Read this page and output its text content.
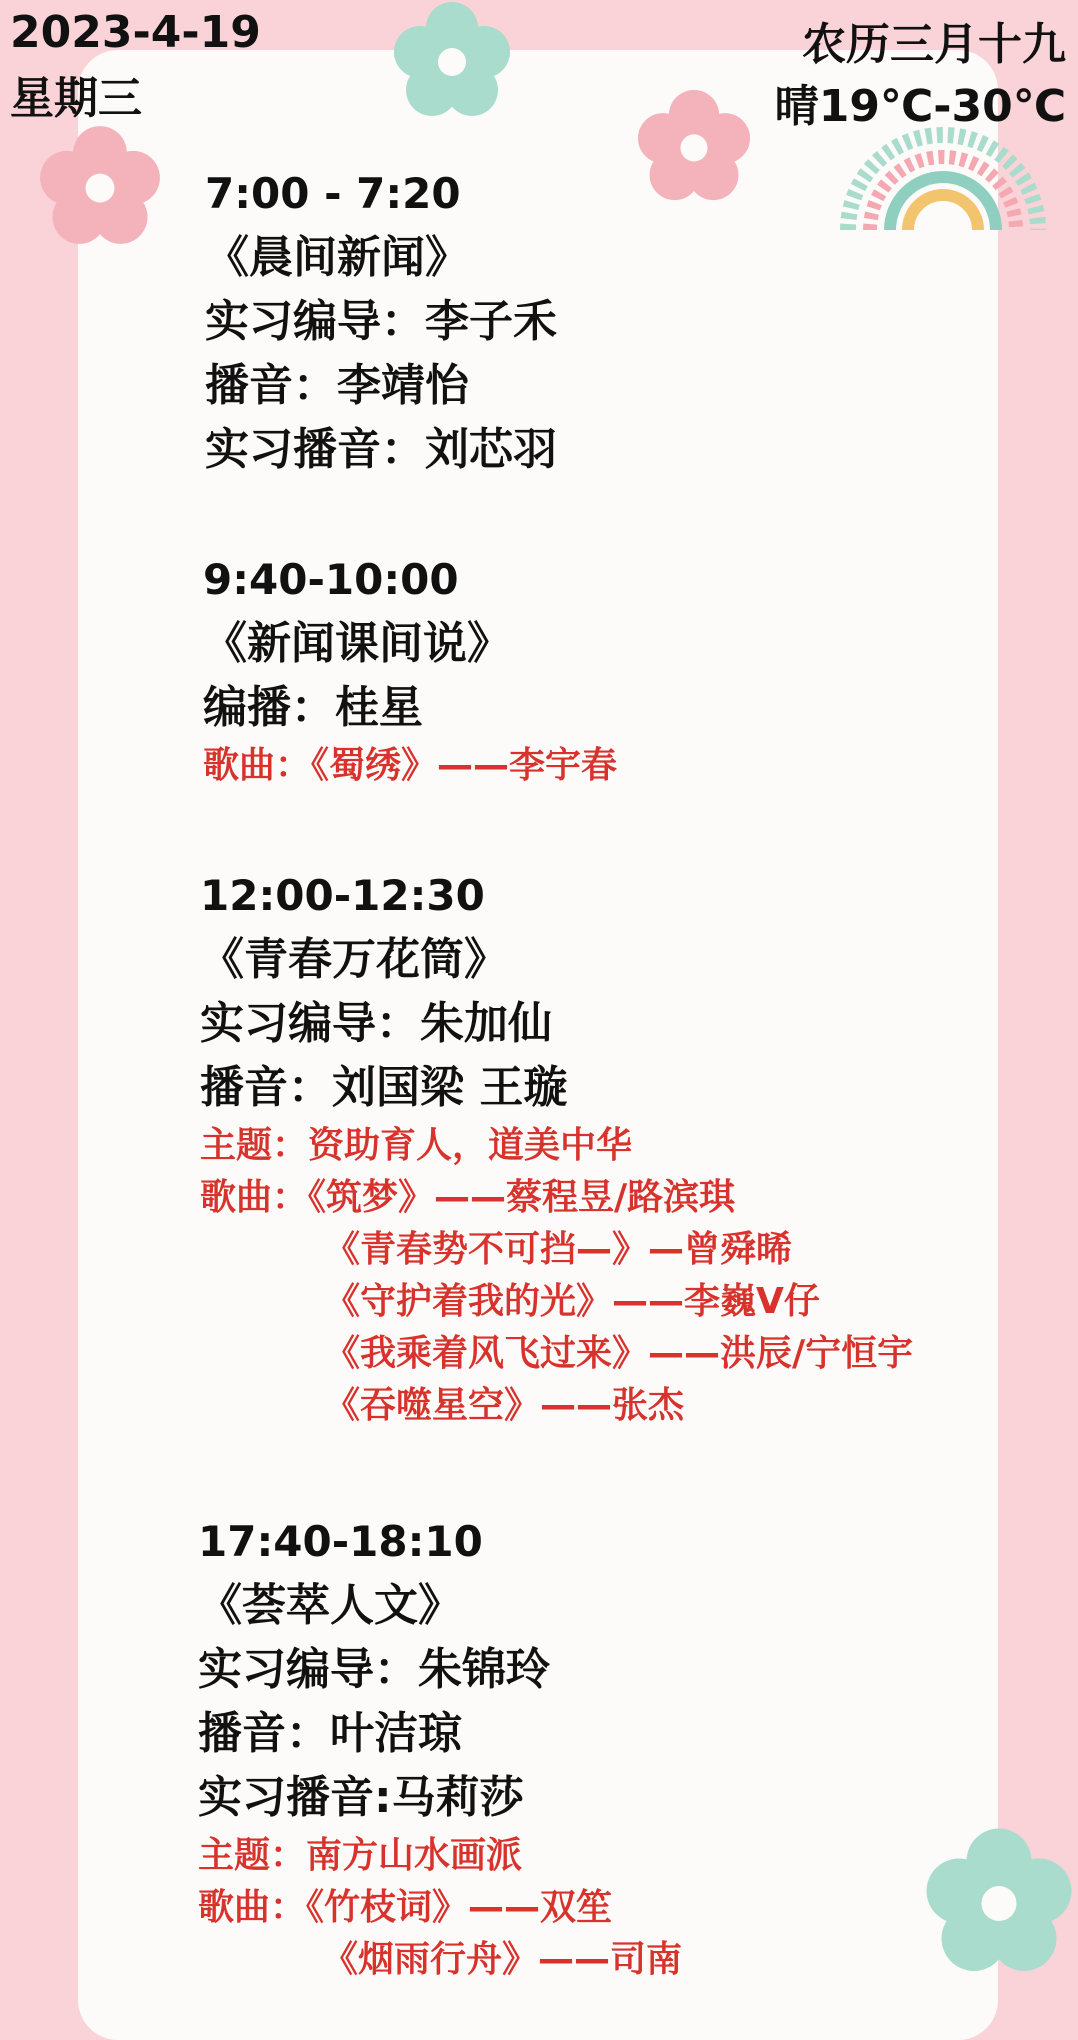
2023-4-19
星期三
农历三月十九
晴19℃-30℃
7:00 - 7:20
《晨间新闻》
实习编导：李子禾
播音：李靖怡
实习播音：刘芯羽
9:40-10:00
《新闻课间说》
编播：桂星
歌曲：《蜀绣》——李宇春
12:00-12:30
《青春万花筒》
实习编导：朱加仙
播音：刘国梁 王璇
主题：资助育人，道美中华
歌曲：《筑梦》——蔡程昱/路滨琪
《青春势不可挡—》—曾舜晞
《守护着我的光》——李巍V仔
《我乘着风飞过来》——洪辰/宁恒宇
《吞噬星空》——张杰
17:40-18:10
《荟萃人文》
实习编导：朱锦玲
播音：叶洁琼
实习播音:马莉莎
主题：南方山水画派
歌曲：《竹枝词》——双笙
《烟雨行舟》——司南
